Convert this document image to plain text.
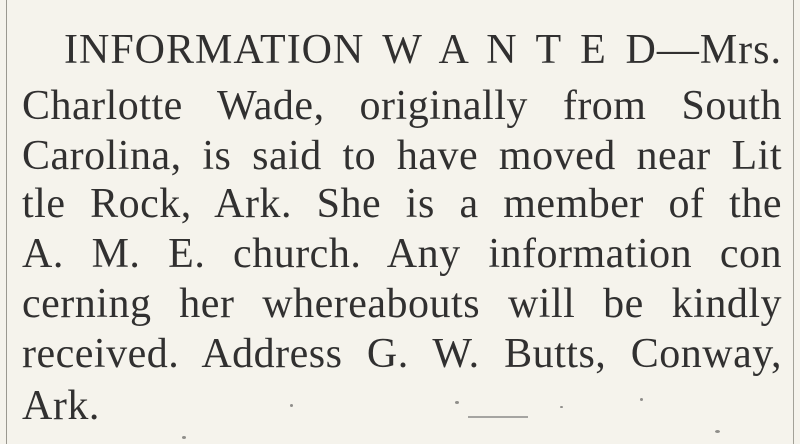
INFORMATION W A N T E D—Mrs.

Charlotte Wade, originally from South

Carolina, is said to have moved near Lit

tle Rock, Ark. She is a member of the

A. M. E. church. Any information con

cerning her whereabouts will be kindly

received. Address G. W. Butts, Conway,

Ark.
